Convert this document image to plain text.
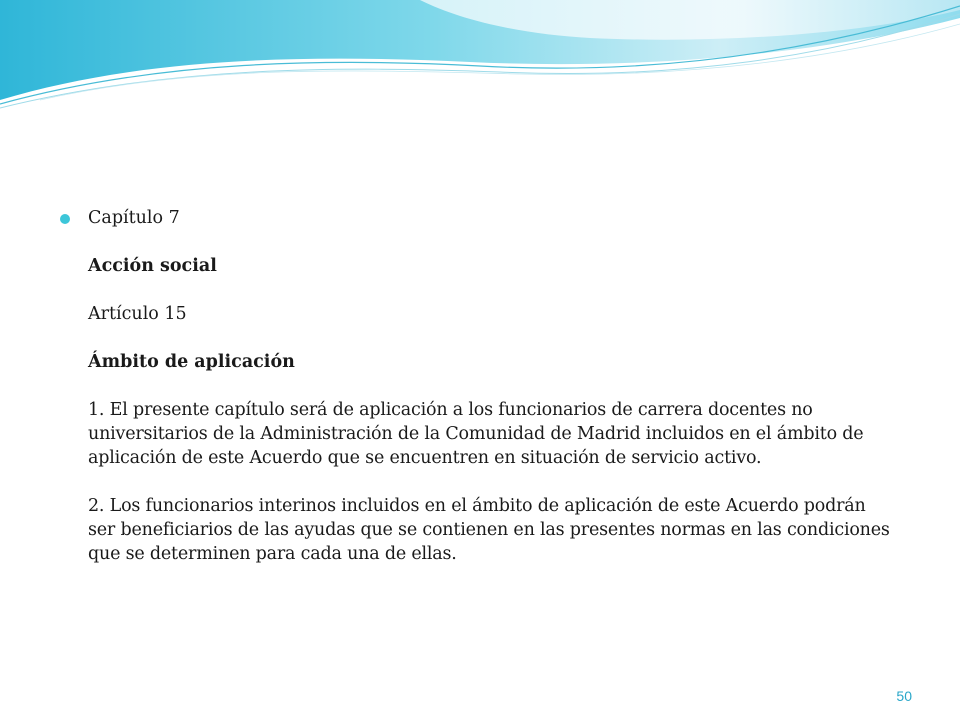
Capítulo 7

Acción social

Artículo 15

Ámbito de aplicación

1. El presente capítulo será de aplicación a los funcionarios de carrera docentes no universitarios de la Administración de la Comunidad de Madrid incluidos en el ámbito de aplicación de este Acuerdo que se encuentren en situación de servicio activo.

2. Los funcionarios interinos incluidos en el ámbito de aplicación de este Acuerdo podrán ser beneficiarios de las ayudas que se contienen en las presentes normas en las condiciones que se determinen para cada una de ellas.

50
